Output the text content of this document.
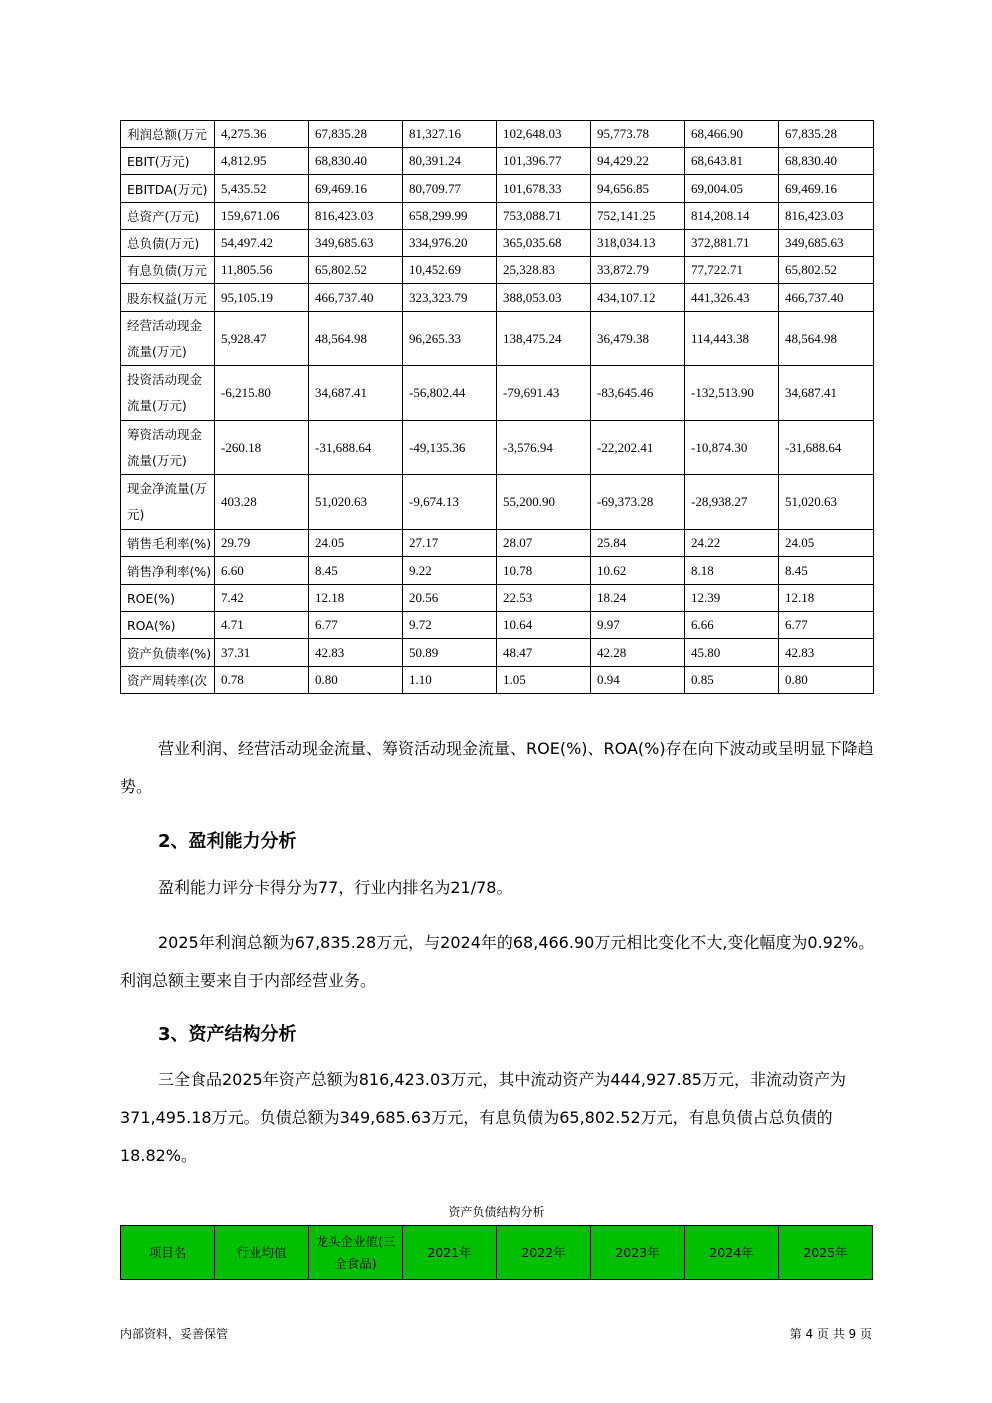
利润总额(万元	4,275.36	67,835.28	81,327.16	102,648.03	95,773.78	68,466.90	67,835.28
EBIT(万元)	4,812.95	68,830.40	80,391.24	101,396.77	94,429.22	68,643.81	68,830.40
EBITDA(万元)	5,435.52	69,469.16	80,709.77	101,678.33	94,656.85	69,004.05	69,469.16
总资产(万元)	159,671.06	816,423.03	658,299.99	753,088.71	752,141.25	814,208.14	816,423.03
总负债(万元)	54,497.42	349,685.63	334,976.20	365,035.68	318,034.13	372,881.71	349,685.63
有息负债(万元	11,805.56	65,802.52	10,452.69	25,328.83	33,872.79	77,722.71	65,802.52
股东权益(万元	95,105.19	466,737.40	323,323.79	388,053.03	434,107.12	441,326.43	466,737.40
经营活动现金流量(万元)	5,928.47	48,564.98	96,265.33	138,475.24	36,479.38	114,443.38	48,564.98
投资活动现金流量(万元)	-6,215.80	34,687.41	-56,802.44	-79,691.43	-83,645.46	-132,513.90	34,687.41
筹资活动现金流量(万元)	-260.18	-31,688.64	-49,135.36	-3,576.94	-22,202.41	-10,874.30	-31,688.64
现金净流量(万元)	403.28	51,020.63	-9,674.13	55,200.90	-69,373.28	-28,938.27	51,020.63
销售毛利率(%)	29.79	24.05	27.17	28.07	25.84	24.22	24.05
销售净利率(%)	6.60	8.45	9.22	10.78	10.62	8.18	8.45
ROE(%)	7.42	12.18	20.56	22.53	18.24	12.39	12.18
ROA(%)	4.71	6.77	9.72	10.64	9.97	6.66	6.77
资产负债率(%)	37.31	42.83	50.89	48.47	42.28	45.80	42.83
资产周转率(次	0.78	0.80	1.10	1.05	0.94	0.85	0.80

营业利润、经营活动现金流量、筹资活动现金流量、ROE(%)、ROA(%)存在向下波动或呈明显下降趋势。

2、盈利能力分析

盈利能力评分卡得分为77，行业内排名为21/78。

2025年利润总额为67,835.28万元，与2024年的68,466.90万元相比变化不大,变化幅度为0.92%。利润总额主要来自于内部经营业务。

3、资产结构分析

三全食品2025年资产总额为816,423.03万元，其中流动资产为444,927.85万元，非流动资产为371,495.18万元。负债总额为349,685.63万元，有息负债为65,802.52万元，有息负债占总负债的18.82%。

资产负债结构分析
项目名	行业均值	龙头企业值(三全食品)	2021年	2022年	2023年	2024年	2025年
内部资料，妥善保管	第 4 页 共 9 页
